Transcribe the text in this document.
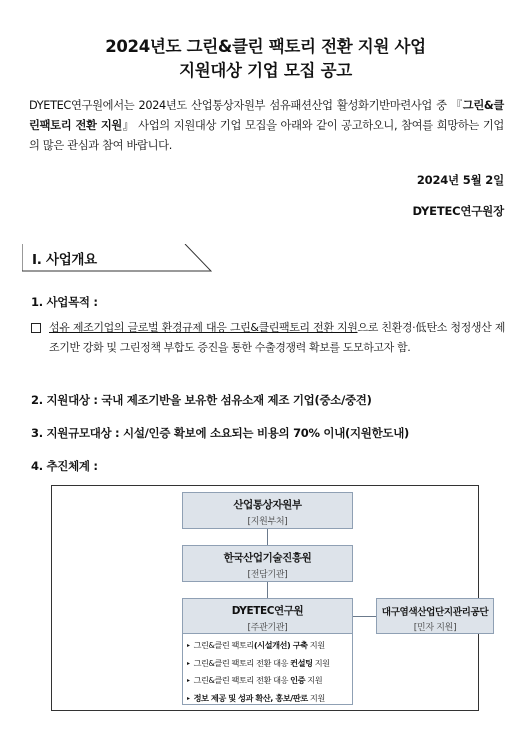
2024년도 그린&클린 팩토리 전환 지원 사업
지원대상 기업 모집 공고
DYETEC연구원에서는 2024년도 산업통상자원부 섬유패션산업 활성화기반마련사업 중 『그린&클린팩토리 전환 지원』 사업의 지원대상 기업 모집을 아래와 같이 공고하오니, 참여를 희망하는 기업의 많은 관심과 참여 바랍니다.
2024년 5월 2일
DYETEC연구원장
Ⅰ. 사업개요
1. 사업목적 :
섬유 제조기업의 글로벌 환경규제 대응 그린&클린팩토리 전환 지원으로 친환경·低탄소 청정생산 제조기반 강화 및 그린정책 부합도 증진을 통한 수출경쟁력 확보를 도모하고자 함.
2. 지원대상 : 국내 제조기반을 보유한 섬유소재 제조 기업(중소/중견)
3. 지원규모대상 : 시설/인증 확보에 소요되는 비용의 70% 이내(지원한도내)
4. 추진체계 :
산업통상자원부
[지원부처]
한국산업기술진흥원
[전담기관]
DYETEC연구원
[주관기관]
대구염색산업단지관리공단
[민자 지원]
▸ 그린&클린 팩토리(시설개선) 구축 지원
▸ 그린&클린 팩토리 전환 대응 컨설팅 지원
▸ 그린&클린 팩토리 전환 대응 인증 지원
▸ 정보 제공 및 성과 확산, 홍보/판로 지원
